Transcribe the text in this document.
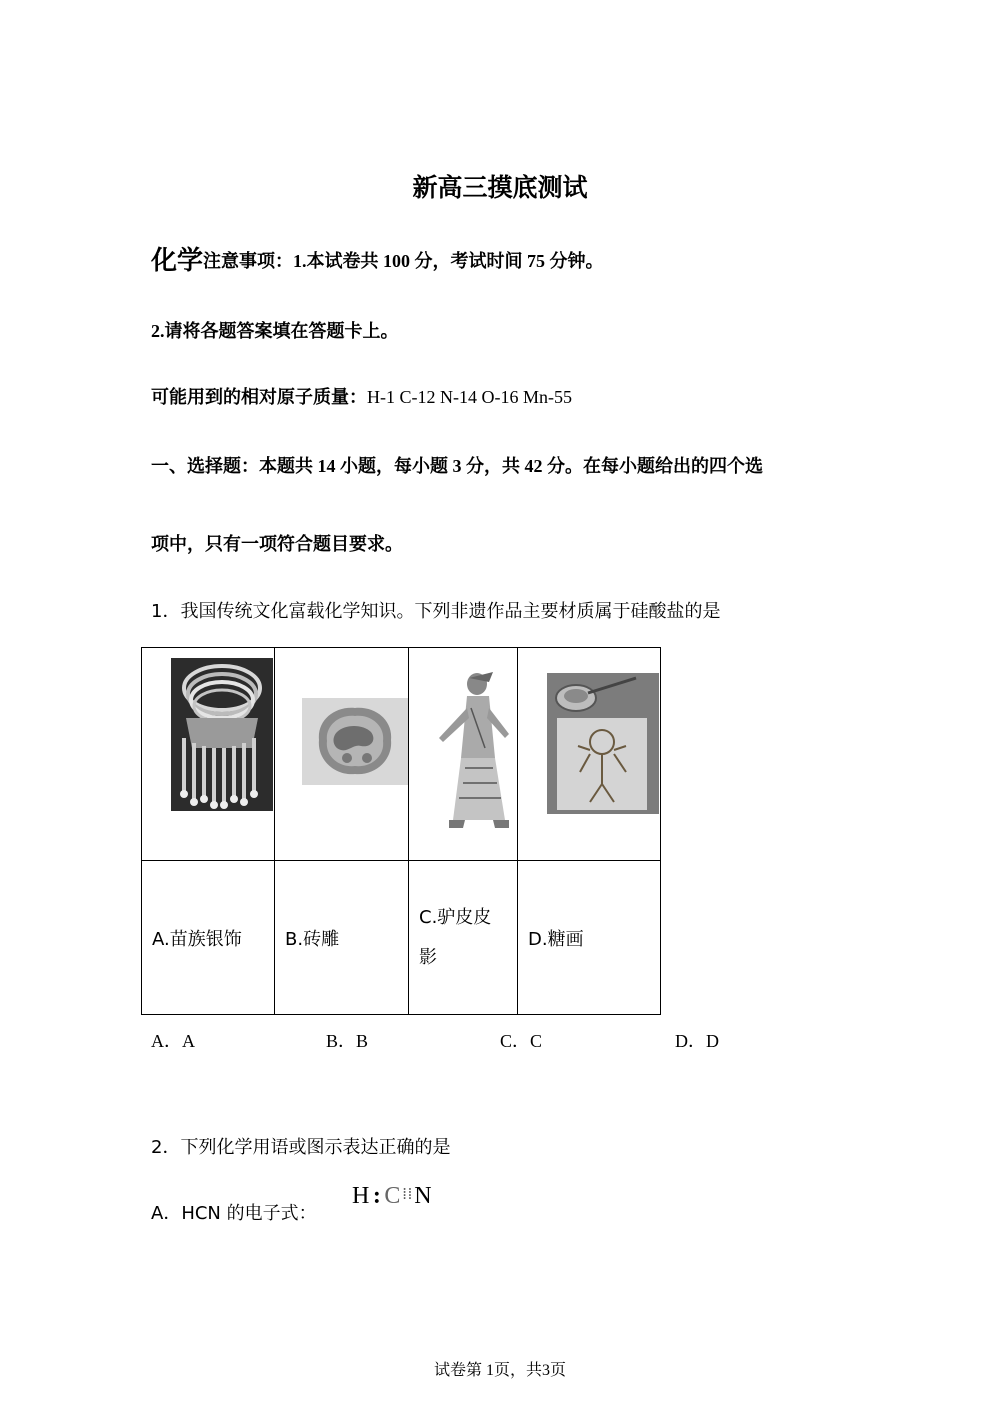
新高三摸底测试
化学注意事项：1.本试卷共 100 分，考试时间 75 分钟。
2.请将各题答案填在答题卡上。
可能用到的相对原子质量：H-1 C-12 N-14 O-16 Mn-55
一、选择题：本题共 14 小题，每小题 3 分，共 42 分。在每小题给出的四个选
项中，只有一项符合题目要求。
1．我国传统文化富载化学知识。下列非遗作品主要材质属于硅酸盐的是

A.苗族银饰	B.砖雕	C.驴皮皮
影	D.糖画
A．A	B．B	C．C	D．D
2．下列化学用语或图示表达正确的是
A．HCN 的电子式：
H : C⁞⁞N
试卷第 1页，共3页
